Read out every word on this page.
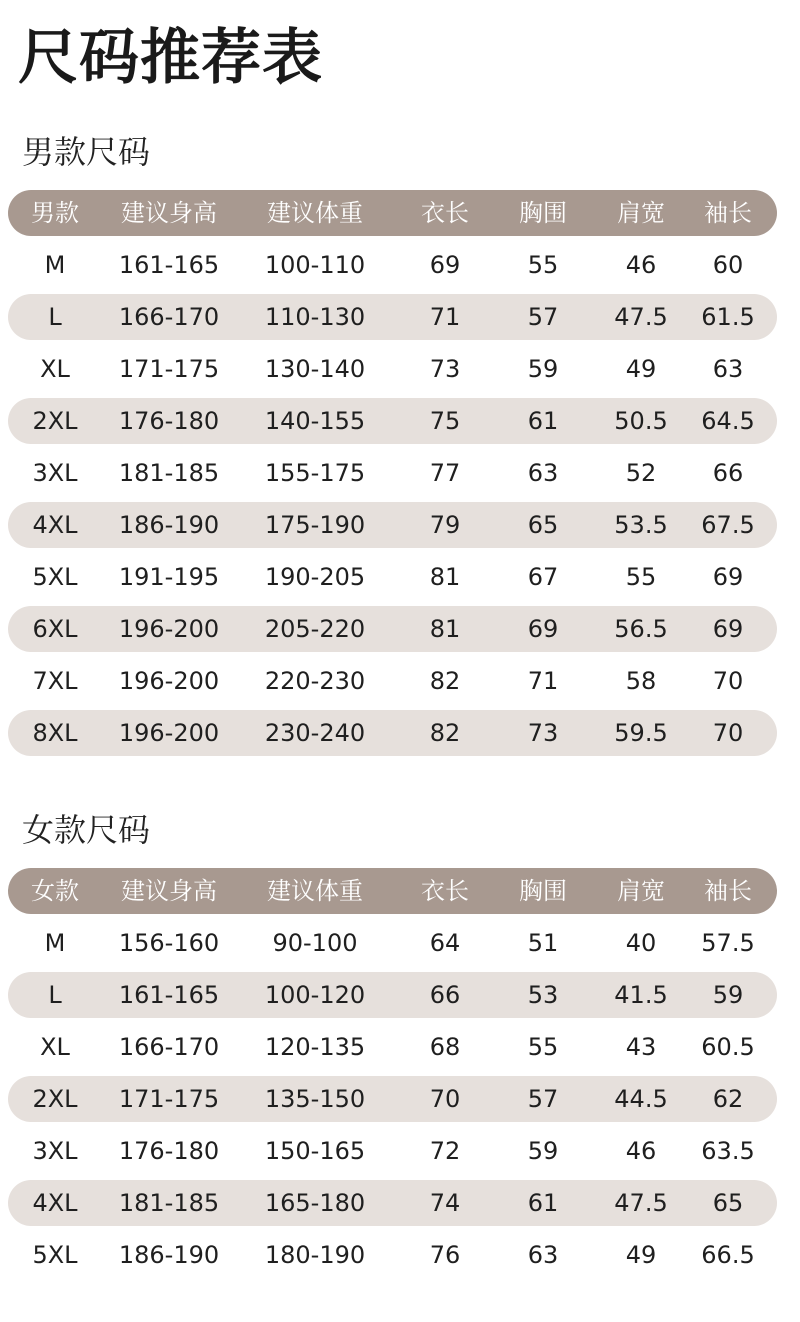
尺码推荐表
男款尺码
男款	建议身高	建议体重	衣长	胸围	肩宽	袖长
M	161-165	100-110	69	55	46	60
L	166-170	110-130	71	57	47.5	61.5
XL	171-175	130-140	73	59	49	63
2XL	176-180	140-155	75	61	50.5	64.5
3XL	181-185	155-175	77	63	52	66
4XL	186-190	175-190	79	65	53.5	67.5
5XL	191-195	190-205	81	67	55	69
6XL	196-200	205-220	81	69	56.5	69
7XL	196-200	220-230	82	71	58	70
8XL	196-200	230-240	82	73	59.5	70
女款尺码
女款	建议身高	建议体重	衣长	胸围	肩宽	袖长
M	156-160	90-100	64	51	40	57.5
L	161-165	100-120	66	53	41.5	59
XL	166-170	120-135	68	55	43	60.5
2XL	171-175	135-150	70	57	44.5	62
3XL	176-180	150-165	72	59	46	63.5
4XL	181-185	165-180	74	61	47.5	65
5XL	186-190	180-190	76	63	49	66.5
